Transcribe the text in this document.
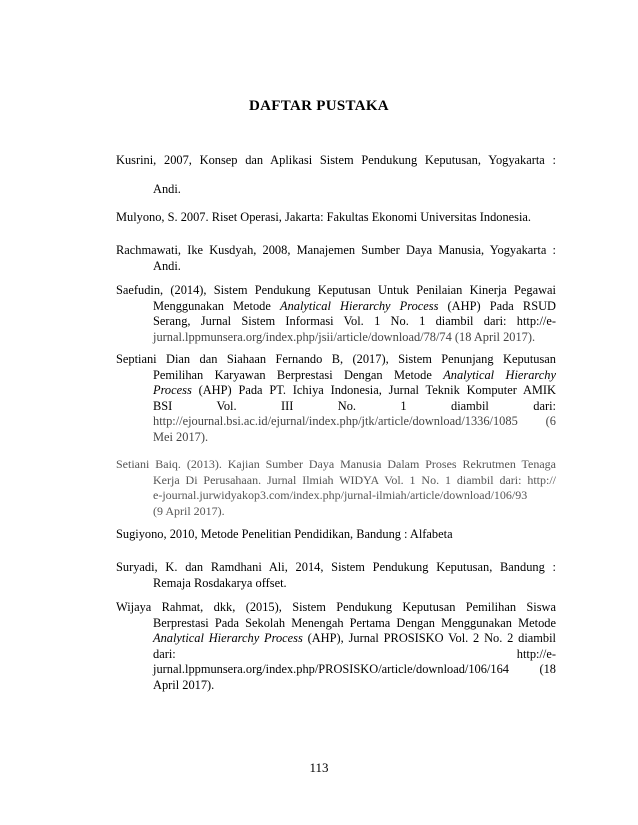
DAFTAR PUSTAKA
Kusrini, 2007, Konsep dan Aplikasi Sistem Pendukung Keputusan, Yogyakarta :
Andi.
Mulyono, S. 2007. Riset Operasi, Jakarta: Fakultas Ekonomi Universitas Indonesia.
Rachmawati, Ike Kusdyah, 2008, Manajemen Sumber Daya Manusia, Yogyakarta :
Andi.
Saefudin, (2014), Sistem Pendukung Keputusan Untuk Penilaian Kinerja Pegawai
Menggunakan Metode Analytical Hierarchy Process (AHP) Pada RSUD
Serang, Jurnal Sistem Informasi Vol. 1 No. 1 diambil dari: http://e-
jurnal.lppmunsera.org/index.php/jsii/article/download/78/74 (18 April 2017).
Septiani Dian dan Siahaan Fernando B, (2017), Sistem Penunjang Keputusan
Pemilihan Karyawan Berprestasi Dengan Metode Analytical Hierarchy
Process (AHP) Pada PT. Ichiya Indonesia, Jurnal Teknik Komputer AMIK
BSI Vol. III No. 1 diambil dari:
http://ejournal.bsi.ac.id/ejurnal/index.php/jtk/article/download/1336/1085 (6
Mei 2017).
Setiani Baiq. (2013). Kajian Sumber Daya Manusia Dalam Proses Rekrutmen Tenaga
Kerja Di Perusahaan. Jurnal Ilmiah WIDYA Vol. 1 No. 1 diambil dari: http://
e-journal.jurwidyakop3.com/index.php/jurnal-ilmiah/article/download/106/93
(9 April 2017).
Sugiyono, 2010, Metode Penelitian Pendidikan, Bandung : Alfabeta
Suryadi, K. dan Ramdhani Ali, 2014, Sistem Pendukung Keputusan, Bandung :
Remaja Rosdakarya offset.
Wijaya Rahmat, dkk, (2015), Sistem Pendukung Keputusan Pemilihan Siswa
Berprestasi Pada Sekolah Menengah Pertama Dengan Menggunakan Metode
Analytical Hierarchy Process (AHP), Jurnal PROSISKO Vol. 2 No. 2 diambil
dari: http://e-
jurnal.lppmunsera.org/index.php/PROSISKO/article/download/106/164 (18
April 2017).
113
